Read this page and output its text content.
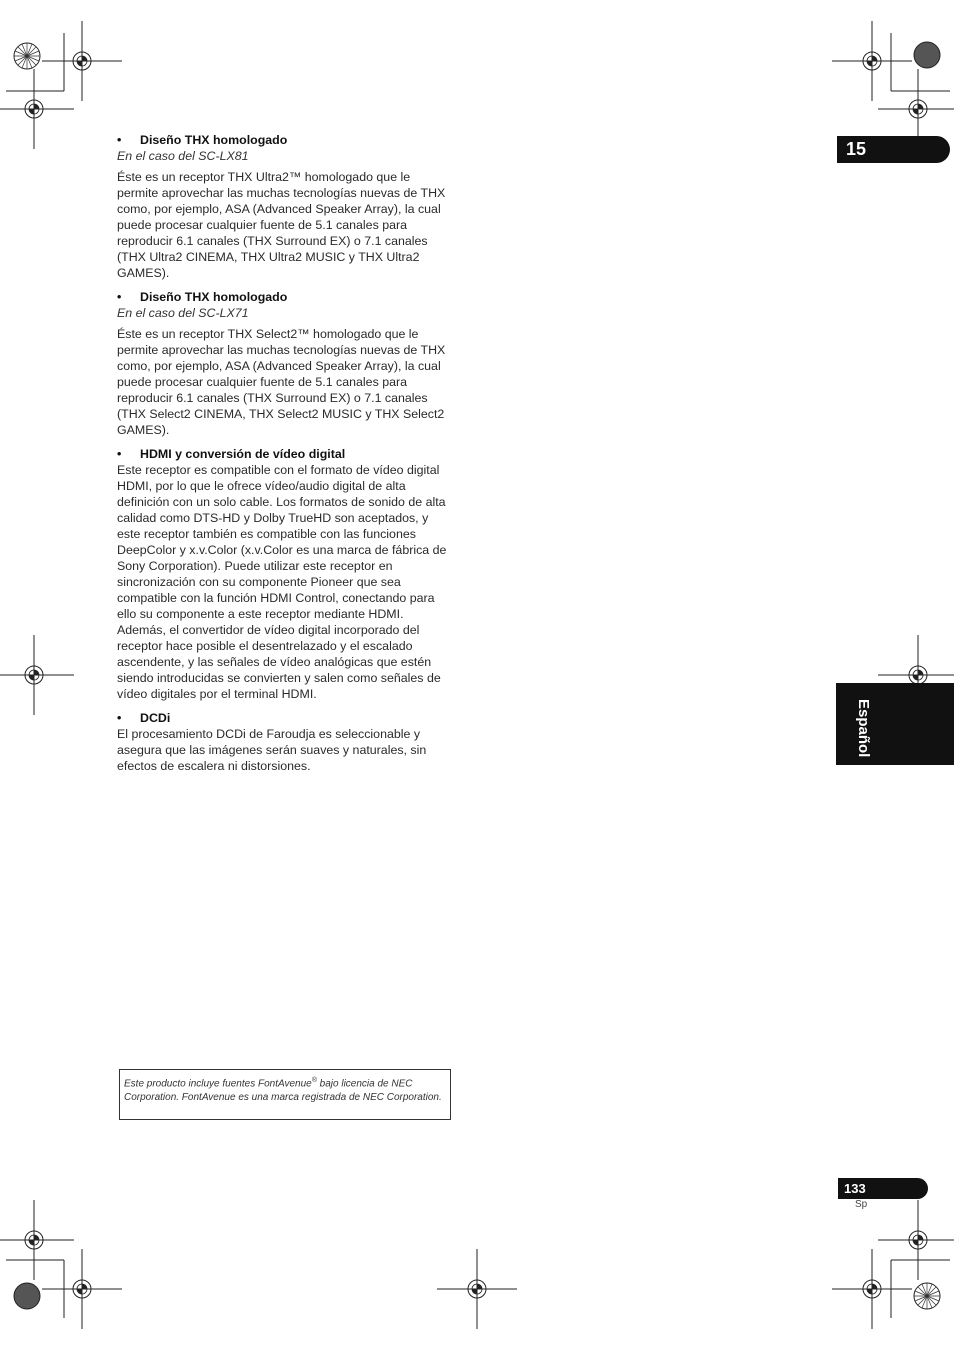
15
Español
• Diseño THX homologado
En el caso del SC-LX81

Éste es un receptor THX Ultra2™ homologado que le permite aprovechar las muchas tecnologías nuevas de THX como, por ejemplo, ASA (Advanced Speaker Array), la cual puede procesar cualquier fuente de 5.1 canales para reproducir 6.1 canales (THX Surround EX) o 7.1 canales (THX Ultra2 CINEMA, THX Ultra2 MUSIC y THX Ultra2 GAMES).

• Diseño THX homologado
En el caso del SC-LX71

Éste es un receptor THX Select2™ homologado que le permite aprovechar las muchas tecnologías nuevas de THX como, por ejemplo, ASA (Advanced Speaker Array), la cual puede procesar cualquier fuente de 5.1 canales para reproducir 6.1 canales (THX Surround EX) o 7.1 canales (THX Select2 CINEMA, THX Select2 MUSIC y THX Select2 GAMES).

• HDMI y conversión de vídeo digital

Este receptor es compatible con el formato de vídeo digital HDMI, por lo que le ofrece vídeo/audio digital de alta definición con un solo cable. Los formatos de sonido de alta calidad como DTS-HD y Dolby TrueHD son aceptados, y este receptor también es compatible con las funciones DeepColor y x.v.Color (x.v.Color es una marca de fábrica de Sony Corporation). Puede utilizar este receptor en sincronización con su componente Pioneer que sea compatible con la función HDMI Control, conectando para ello su componente a este receptor mediante HDMI. Además, el convertidor de vídeo digital incorporado del receptor hace posible el desentrelazado y el escalado ascendente, y las señales de vídeo analógicas que estén siendo introducidas se convierten y salen como señales de vídeo digitales por el terminal HDMI.

• DCDi

El procesamiento DCDi de Faroudja es seleccionable y asegura que las imágenes serán suaves y naturales, sin efectos de escalera ni distorsiones.

Este producto incluye fuentes FontAvenue® bajo licencia de NEC Corporation. FontAvenue es una marca registrada de NEC Corporation.
133
Sp
